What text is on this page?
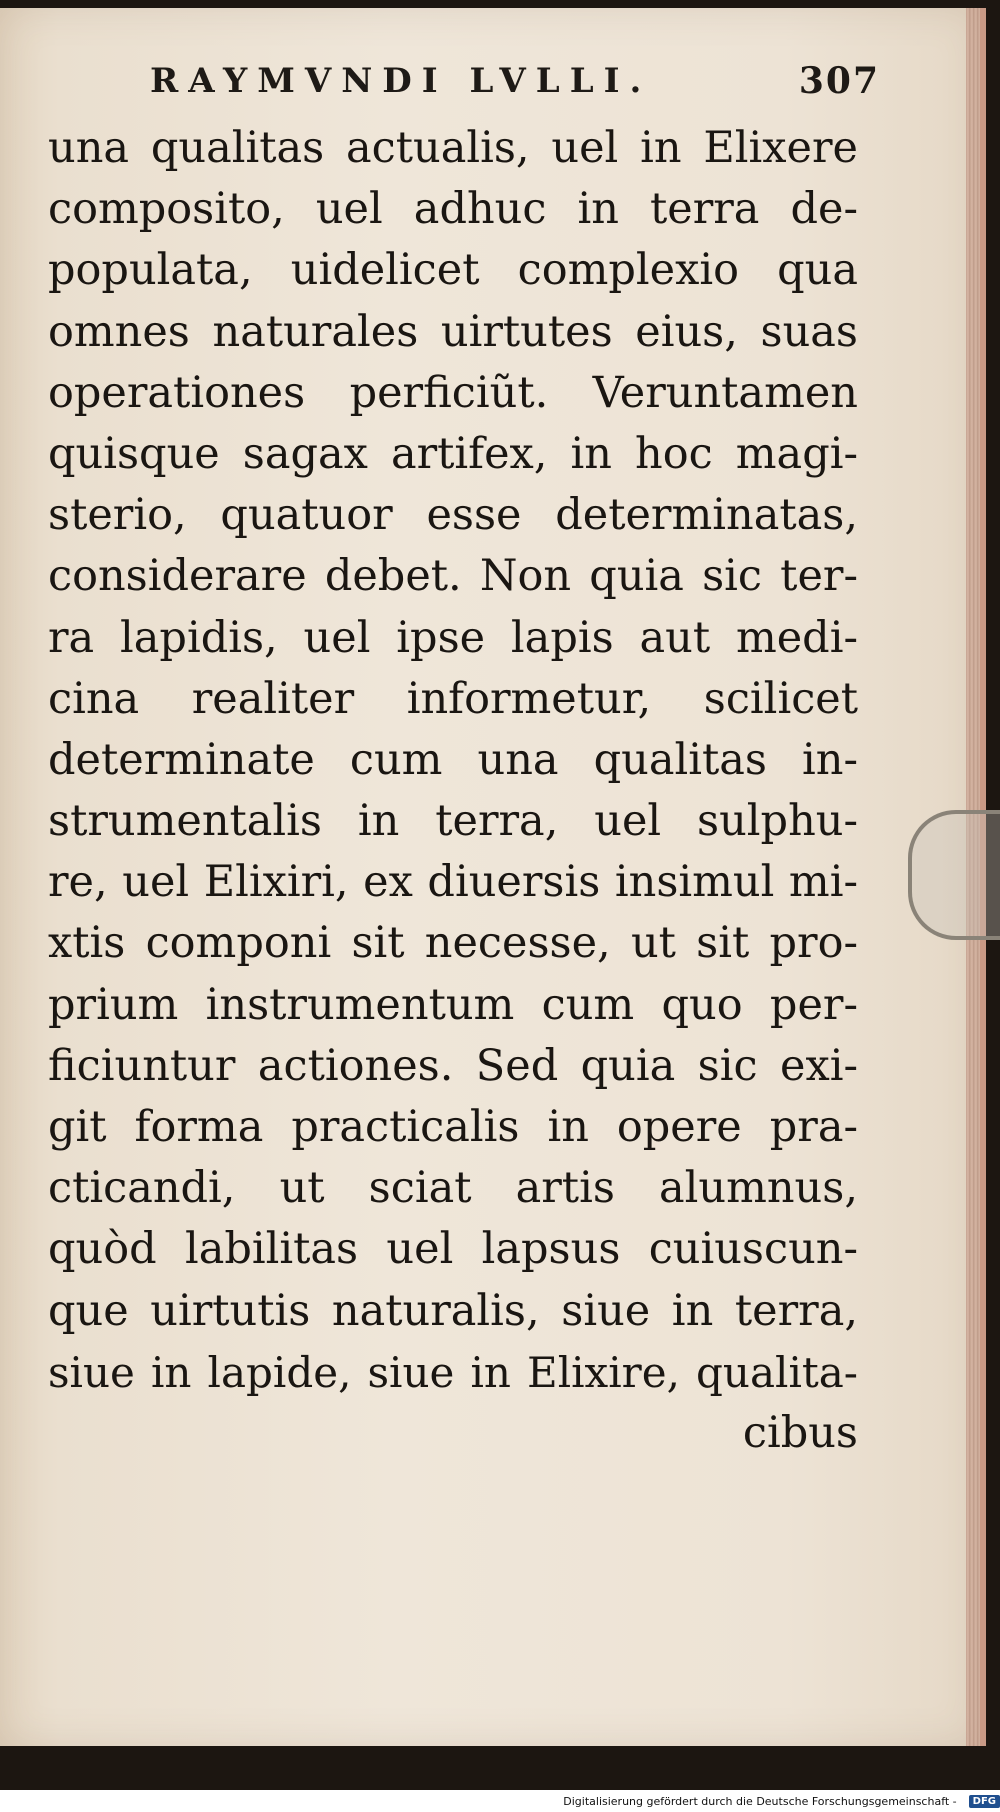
RAYMVNDI LVLLI.	307
una qualitas actualis, uel in Elixere
composito, uel adhuc in terra de-
populata, uidelicet complexio qua
omnes naturales uirtutes eius, suas
operationes perficiũt. Veruntamen
quisque sagax artifex, in hoc magi-
sterio, quatuor esse determinatas,
considerare debet. Non quia sic ter-
ra lapidis, uel ipse lapis aut medi-
cina realiter informetur, scilicet
determinate cum una qualitas in-
strumentalis in terra, uel sulphu-
re, uel Elixiri, ex diuersis insimul mi-
xtis componi sit necesse, ut sit pro-
prium instrumentum cum quo per-
ficiuntur actiones. Sed quia sic exi-
git forma practicalis in opere pra-
cticandi, ut sciat artis alumnus,
quòd labilitas uel lapsus cuiuscun-
que uirtutis naturalis, siue in terra,
siue in lapide, siue in Elixire, qualita-
cibus
Digitalisierung gefördert durch die Deutsche Forschungsgemeinschaft -	DFG
